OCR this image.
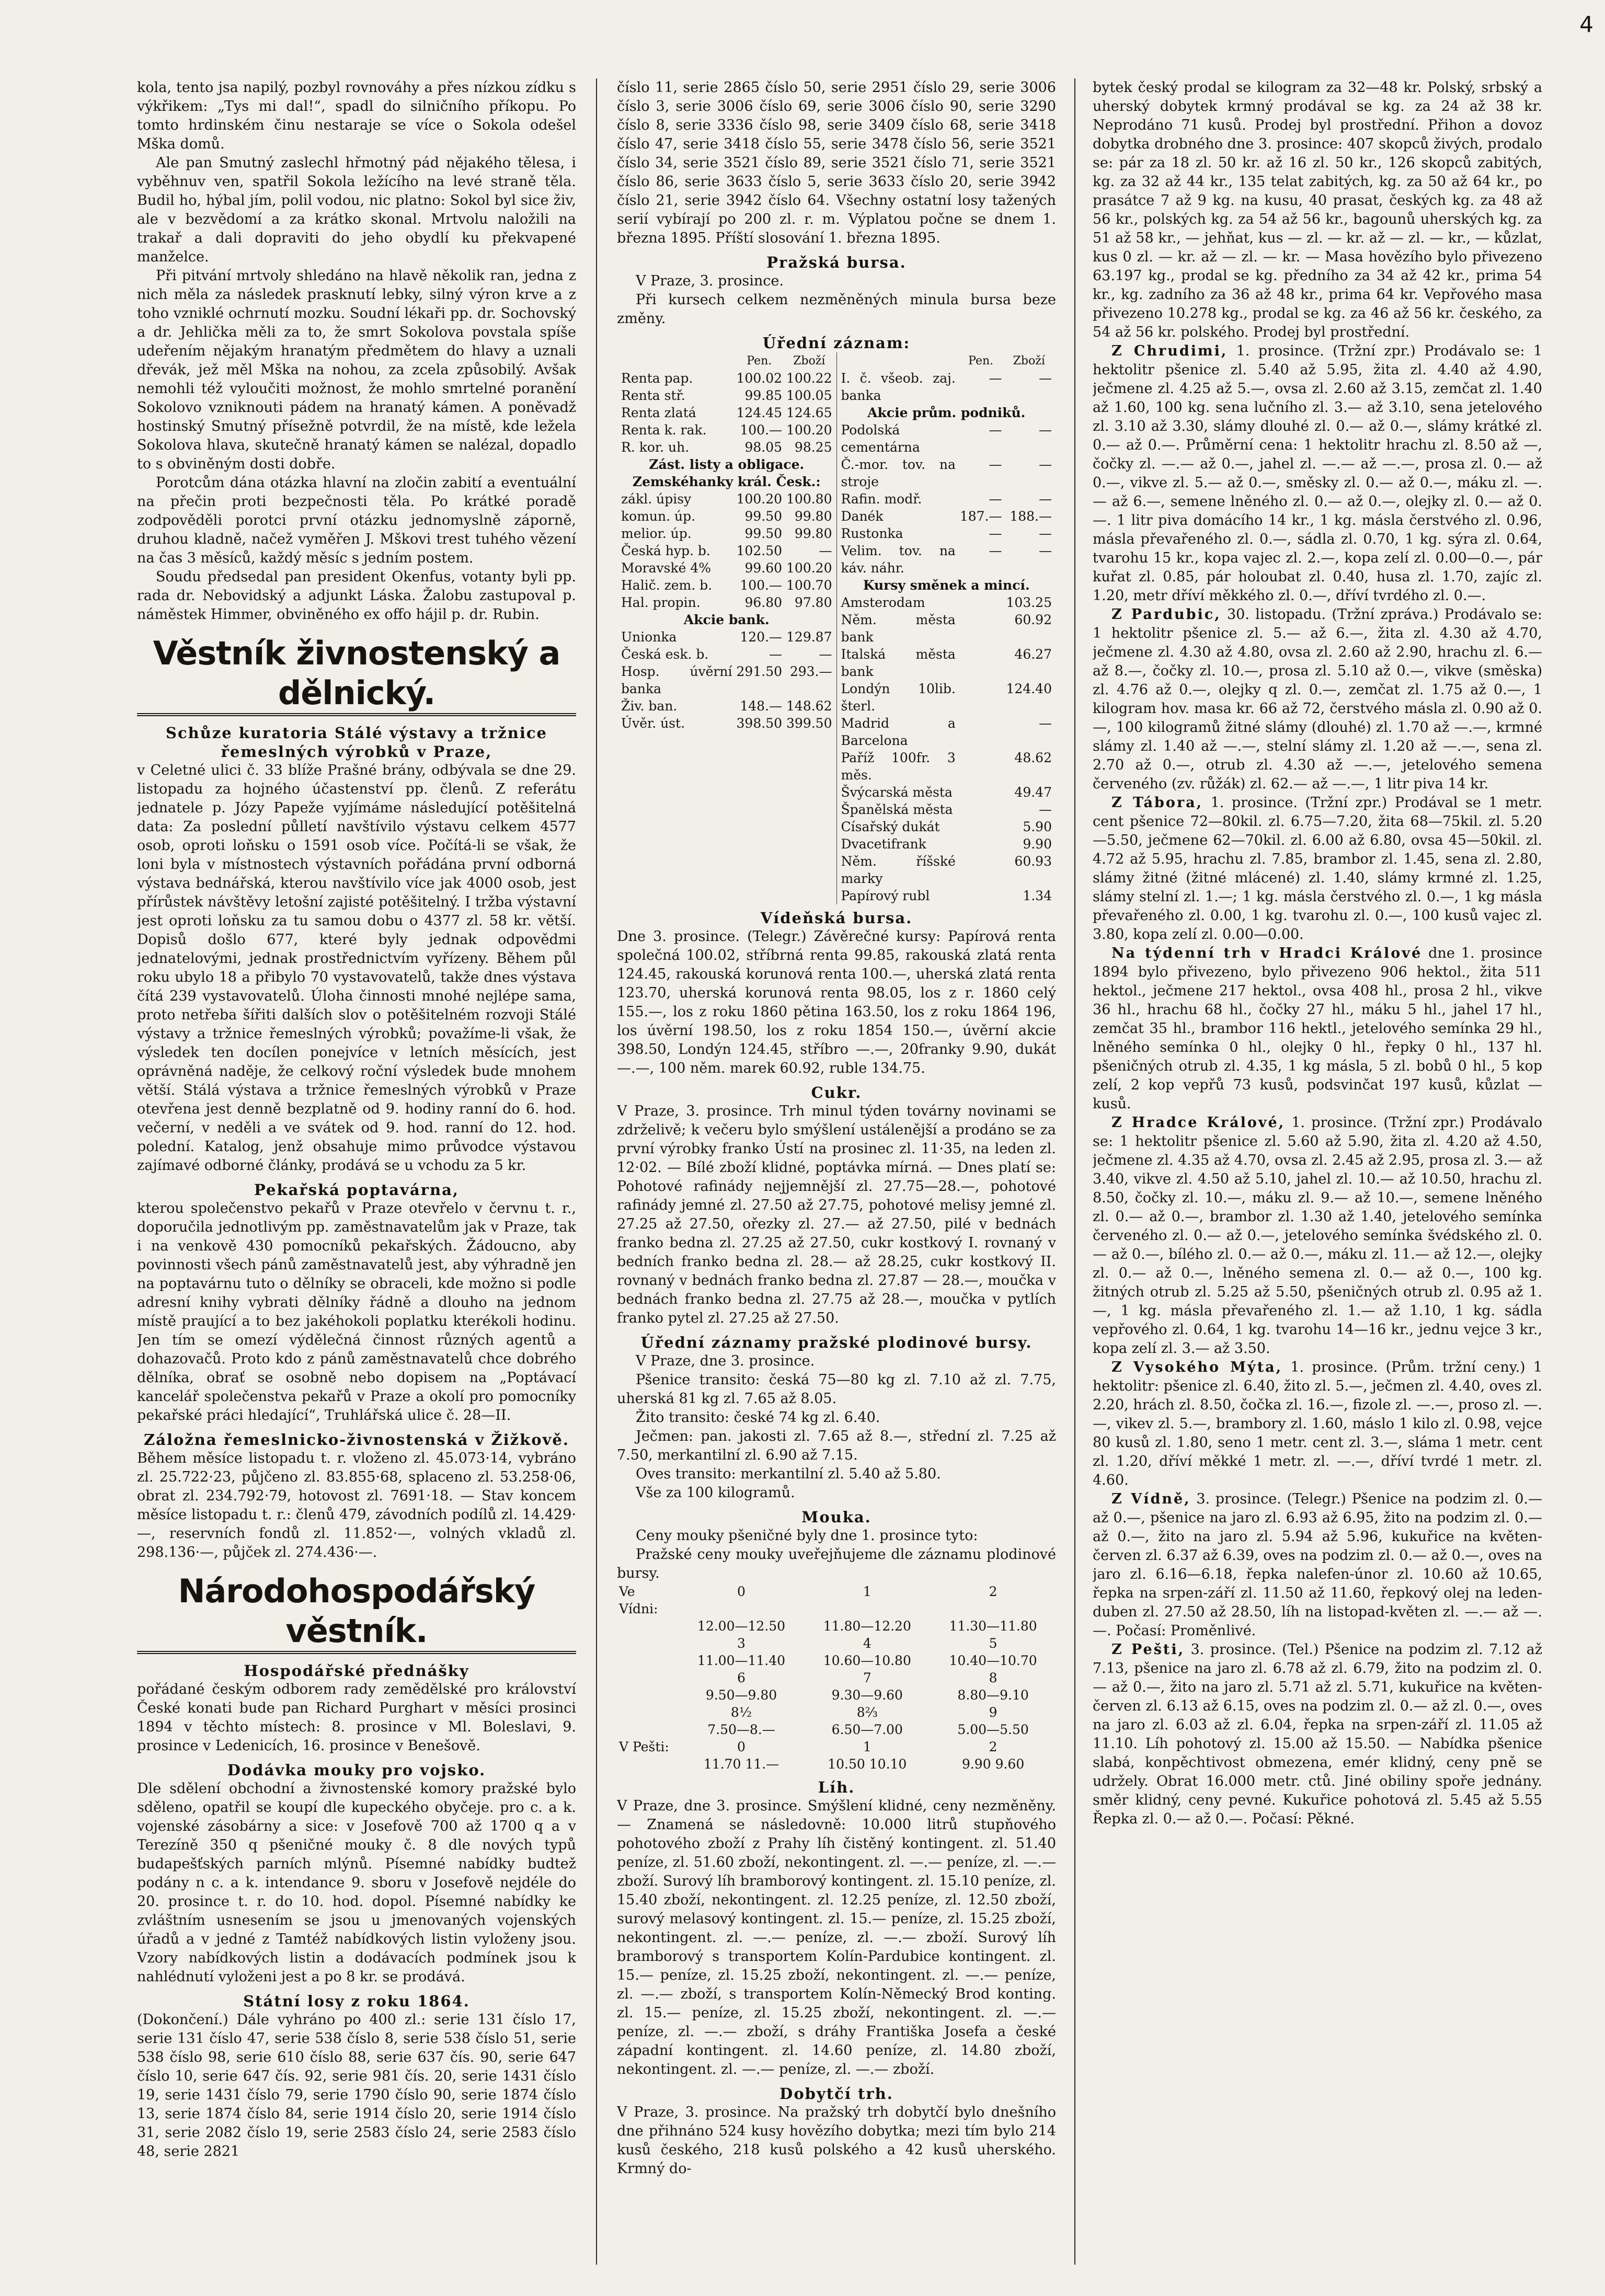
4

kola, tento jsa napilý, pozbyl rovnováhy a přes nízkou zídku s výkřikem: „Tys mi dal!“, spadl do silničního příkopu. Po tomto hrdinském činu nestaraje se více o Sokola odešel Mška domů.

Ale pan Smutný zaslechl hřmotný pád nějakého tělesa, i vyběhnuv ven, spatřil Sokola ležícího na levé straně těla. Budil ho, hýbal jím, polil vodou, nic platno: Sokol byl sice živ, ale v bezvědomí a za krátko skonal. Mrtvolu naložili na trakař a dali dopraviti do jeho obydlí ku překvapené manželce.

Při pitvání mrtvoly shledáno na hlavě několik ran, jedna z nich měla za následek prasknutí lebky, silný výron krve a z toho vzniklé ochrnutí mozku. Soudní lékaři pp. dr. Sochovský a dr. Jehlička měli za to, že smrt Sokolova povstala spíše udeřením nějakým hranatým předmětem do hlavy a uznali dřevák, jež měl Mška na nohou, za zcela způsobilý. Avšak nemohli též vyloučiti možnost, že mohlo smrtelné poranění Sokolovo vzniknouti pádem na hranatý kámen. A poněvadž hostinský Smutný přísežně potvrdil, že na místě, kde ležela Sokolova hlava, skutečně hranatý kámen se nalézal, dopadlo to s obviněným dosti dobře.

Porotcům dána otázka hlavní na zločin zabití a eventuální na přečin proti bezpečnosti těla. Po krátké poradě zodpověděli porotci první otázku jednomyslně záporně, druhou kladně, načež vyměřen J. Mškovi trest tuhého vězení na čas 3 měsíců, každý měsíc s jedním postem.

Soudu předsedal pan president Okenfus, votanty byli pp. rada dr. Nebovidský a adjunkt Láska. Žalobu zastupoval p. náměstek Himmer, obviněného ex offo hájil p. dr. Rubin.

Věstník živnostenský a dělnický.
Schůze kuratoria Stálé výstavy a tržnice řemeslných výrobků v Praze,

v Celetné ulici č. 33 blíže Prašné brány, odbývala se dne 29. listopadu za hojného účastenství pp. členů. Z referátu jednatele p. Józy Papeže vyjímáme následující potěšitelná data: Za poslední půlletí navštívilo výstavu celkem 4577 osob, oproti loňsku o 1591 osob více. Počítá-li se však, že loni byla v místnostech výstavních pořádána první odborná výstava bednářská, kterou navštívilo více jak 4000 osob, jest přírůstek návštěvy letošní zajisté potěšitelný. I tržba výstavní jest oproti loňsku za tu samou dobu o 4377 zl. 58 kr. větší. Dopisů došlo 677, které byly jednak odpovědmi jednatelovými, jednak prostřednictvím vyřízeny. Během půl roku ubylo 18 a přibylo 70 vystavovatelů, takže dnes výstava čítá 239 vystavovatelů. Úloha činnosti mnohé nejlépe sama, proto netřeba šířiti dalších slov o potěšitelném rozvoji Stálé výstavy a tržnice řemeslných výrobků; považíme-li však, že výsledek ten docílen ponejvíce v letních měsících, jest oprávněná naděje, že celkový roční výsledek bude mnohem větší. Stálá výstava a tržnice řemeslných výrobků v Praze otevřena jest denně bezplatně od 9. hodiny ranní do 6. hod. večerní, v neděli a ve svátek od 9. hod. ranní do 12. hod. polední. Katalog, jenž obsahuje mimo průvodce výstavou zajímavé odborné články, prodává se u vchodu za 5 kr.

Pekařská poptavárna,

kterou společenstvo pekařů v Praze otevřelo v červnu t. r., doporučila jednotlivým pp. zaměstnavatelům jak v Praze, tak i na venkově 430 pomocníků pekařských. Žádoucno, aby povinnosti všech pánů zaměstnavatelů jest, aby výhradně jen na poptavárnu tuto o dělníky se obraceli, kde možno si podle adresní knihy vybrati dělníky řádně a dlouho na jednom místě praující a to bez jakéhokoli poplatku kterékoli hodinu. Jen tím se omezí výdělečná činnost různých agentů a dohazovačů. Proto kdo z pánů zaměstnavatelů chce dobrého dělníka, obrať se osobně nebo dopisem na „Poptávací kancelář společenstva pekařů v Praze a okolí pro pomocníky pekařské práci hledající“, Truhlářská ulice č. 28—II.

Záložna řemeslnicko-živnostenská v Žižkově.

Během měsíce listopadu t. r. vloženo zl. 45.073·14, vybráno zl. 25.722·23, půjčeno zl. 83.855·68, splaceno zl. 53.258·06, obrat zl. 234.792·79, hotovost zl. 7691·18. — Stav koncem měsíce listopadu t. r.: členů 479, závodních podílů zl. 14.429·—, reservních fondů zl. 11.852·—, volných vkladů zl. 298.136·—, půjček zl. 274.436·—.

Národohospodářský věstník.
Hospodářské přednášky

pořádané českým odborem rady zemědělské pro království České konati bude pan Richard Purghart v měsíci prosinci 1894 v těchto místech: 8. prosince v Ml. Boleslavi, 9. prosince v Ledenicích, 16. prosince v Benešově.

Dodávka mouky pro vojsko.

Dle sdělení obchodní a živnostenské komory pražské bylo sděleno, opatřil se koupí dle kupeckého obyčeje. pro c. a k. vojenské zásobárny a sice: v Josefově 700 až 1700 q a v Terezíně 350 q pšeničné mouky č. 8 dle nových typů budapešťských parních mlýnů. Písemné nabídky budtež podány n c. a k. intendance 9. sboru v Josefově nejdéle do 20. prosince t. r. do 10. hod. dopol. Písemné nabídky ke zvláštním usnesením se jsou u jmenovaných vojenských úřadů a v jedné z Tamtéž nabídkových listin vyloženy jsou. Vzory nabídkových listin a dodávacích podmínek jsou k nahlédnutí vyloženi jest a po 8 kr. se prodává.

Státní losy z roku 1864.

(Dokončení.) Dále vyhráno po 400 zl.: serie 131 číslo 17, serie 131 číslo 47, serie 538 číslo 8, serie 538 číslo 51, serie 538 číslo 98, serie 610 číslo 88, serie 637 čís. 90, serie 647 číslo 10, serie 647 čís. 92, serie 981 čís. 20, serie 1431 číslo 19, serie 1431 číslo 79, serie 1790 číslo 90, serie 1874 číslo 13, serie 1874 číslo 84, serie 1914 číslo 20, serie 1914 číslo 31, serie 2082 číslo 19, serie 2583 číslo 24, serie 2583 číslo 48, serie 2821

číslo 11, serie 2865 číslo 50, serie 2951 číslo 29, serie 3006 číslo 3, serie 3006 číslo 69, serie 3006 číslo 90, serie 3290 číslo 8, serie 3336 číslo 98, serie 3409 číslo 68, serie 3418 číslo 47, serie 3418 číslo 55, serie 3478 číslo 56, serie 3521 číslo 34, serie 3521 číslo 89, serie 3521 číslo 71, serie 3521 číslo 86, serie 3633 číslo 5, serie 3633 číslo 20, serie 3942 číslo 21, serie 3942 číslo 64. Všechny ostatní losy tažených serií vybírají po 200 zl. r. m. Výplatou počne se dnem 1. března 1895. Příští slosování 1. března 1895.

Pražská bursa.

V Praze, 3. prosince.

Při kursech celkem nezměněných minula bursa beze změny.

Úřední záznam:
	Pen.	Zboží
Renta pap.	100.02	100.22
Renta stř.	99.85	100.05
Renta zlatá	124.45	124.65
Renta k. rak.	100.—	100.20
R. kor. uh.	98.05	98.25
Zást. listy a obligace.
Zemskéhanky král. Česk.:
zákl. úpisy	100.20	100.80
komun. úp.	99.50	99.80
melior. úp.	99.50	99.80
Česká hyp. b.	102.50	—
Moravské 4%	99.60	100.20
Halič. zem. b.	100.—	100.70
Hal. propin.	96.80	97.80
Akcie bank.
Unionka	120.—	129.87
Česká esk. b.	—	—
Hosp. úvěrní banka	291.50	293.—
Živ. ban.	148.—	148.62
Úvěr. úst.	398.50	399.50

	Pen.	Zboží
I. č. všeob. zaj. banka	—	—
Akcie prům. podniků.
Podolská cementárna	—	—
Č.-mor. tov. na stroje	—	—
Rafin. modř.	—	—
Danék	187.—	188.—
Rustonka	—	—
Velim. tov. na káv. náhr.	—	—
Kursy směnek a mincí.
Amsterodam		103.25
Něm. města bank		60.92
Italská města bank		46.27
Londýn 10lib. šterl.		124.40
Madrid a Barcelona		—
Paříž 100fr. 3 měs.		48.62
Švýcarská města		49.47
Španělská města		—
Císařský dukát		5.90
Dvacetifrank		9.90
Něm. říšské marky		60.93
Papírový rubl		1.34
Vídeňská bursa.

Dne 3. prosince. (Telegr.) Závěrečné kursy: Papírová renta společná 100.02, stříbrná renta 99.85, rakouská zlatá renta 124.45, rakouská korunová renta 100.—, uherská zlatá renta 123.70, uherská korunová renta 98.05, los z r. 1860 celý 155.—, los z roku 1860 pětina 163.50, los z roku 1864 196, los úvěrní 198.50, los z roku 1854 150.—, úvěrní akcie 398.50, Londýn 124.45, stříbro —.—, 20franky 9.90, dukát —.—, 100 něm. marek 60.92, ruble 134.75.

Cukr.

V Praze, 3. prosince. Trh minul týden továrny novinami se zdrželivě; k večeru bylo smýšlení ustálenější a prodáno se za první výrobky franko Ústí na prosinec zl. 11·35, na leden zl. 12·02. — Bílé zboží klidné, poptávka mírná. — Dnes platí se: Pohotové rafinády nejjemnější zl. 27.75—28.—, pohotové rafinády jemné zl. 27.50 až 27.75, pohotové melisy jemné zl. 27.25 až 27.50, ořezky zl. 27.— až 27.50, pilé v bednách franko bedna zl. 27.25 až 27.50, cukr kostkový I. rovnaný v bedních franko bedna zl. 28.— až 28.25, cukr kostkový II. rovnaný v bednách franko bedna zl. 27.87 — 28.—, moučka v bednách franko bedna zl. 27.75 až 28.—, moučka v pytlích franko pytel zl. 27.25 až 27.50.

Úřední záznamy pražské plodinové bursy.

V Praze, dne 3. prosince.

Pšenice transito: česká 75—80 kg zl. 7.10 až zl. 7.75, uherská 81 kg zl. 7.65 až 8.05.

Žito transito: české 74 kg zl. 6.40.

Ječmen: pan. jakosti zl. 7.65 až 8.—, střední zl. 7.25 až 7.50, merkantilní zl. 6.90 až 7.15.

Oves transito: merkantilní zl. 5.40 až 5.80.

Vše za 100 kilogramů.

Mouka.

Ceny mouky pšeničné byly dne 1. prosince tyto:

Pražské ceny mouky uveřejňujeme dle záznamu plodinové bursy.

Ve Vídni:	0	1	2
	12.00—12.50	11.80—12.20	11.30—11.80
	3	4	5
	11.00—11.40	10.60—10.80	10.40—10.70
	6	7	8
	9.50—9.80	9.30—9.60	8.80—9.10
	8½	8⅔	9
	7.50—8.—	6.50—7.00	5.00—5.50
V Pešti:	0	1	2
	11.70 11.—	10.50 10.10	9.90 9.60
Líh.

V Praze, dne 3. prosince. Smýšlení klidné, ceny nezměněny. — Znamená se následovně: 10.000 litrů stupňového pohotového zboží z Prahy líh čistěný kontingent. zl. 51.40 peníze, zl. 51.60 zboží, nekontingent. zl. —.— peníze, zl. —.— zboží. Surový líh bramborový kontingent. zl. 15.10 peníze, zl. 15.40 zboží, nekontingent. zl. 12.25 peníze, zl. 12.50 zboží, surový melasový kontingent. zl. 15.— peníze, zl. 15.25 zboží, nekontingent. zl. —.— peníze, zl. —.— zboží. Surový líh bramborový s transportem Kolín-Pardubice kontingent. zl. 15.— peníze, zl. 15.25 zboží, nekontingent. zl. —.— peníze, zl. —.— zboží, s transportem Kolín-Německý Brod konting. zl. 15.— peníze, zl. 15.25 zboží, nekontingent. zl. —.— peníze, zl. —.— zboží, s dráhy Františka Josefa a české západní kontingent. zl. 14.60 peníze, zl. 14.80 zboží, nekontingent. zl. —.— peníze, zl. —.— zboží.

Dobytčí trh.

V Praze, 3. prosince. Na pražský trh dobytčí bylo dnešního dne přihnáno 524 kusy hovězího dobytka; mezi tím bylo 214 kusů českého, 218 kusů polského a 42 kusů uherského. Krmný do-

bytek český prodal se kilogram za 32—48 kr. Polský, srbský a uherský dobytek krmný prodával se kg. za 24 až 38 kr. Neprodáno 71 kusů. Prodej byl prostřední. Přihon a dovoz dobytka drobného dne 3. prosince: 407 skopců živých, prodalo se: pár za 18 zl. 50 kr. až 16 zl. 50 kr., 126 skopců zabitých, kg. za 32 až 44 kr., 135 telat zabitých, kg. za 50 až 64 kr., po prasátce 7 až 9 kg. na kusu, 40 prasat, českých kg. za 48 až 56 kr., polských kg. za 54 až 56 kr., bagounů uherských kg. za 51 až 58 kr., — jehňat, kus — zl. — kr. až — zl. — kr., — kůzlat, kus 0 zl. — kr. až — zl. — kr. — Masa hovězího bylo přivezeno 63.197 kg., prodal se kg. předního za 34 až 42 kr., prima 54 kr., kg. zadního za 36 až 48 kr., prima 64 kr. Vepřového masa přivezeno 10.278 kg., prodal se kg. za 46 až 56 kr. českého, za 54 až 56 kr. polského. Prodej byl prostřední.

Z Chrudimi, 1. prosince. (Tržní zpr.) Prodávalo se: 1 hektolitr pšenice zl. 5.40 až 5.95, žita zl. 4.40 až 4.90, ječmene zl. 4.25 až 5.—, ovsa zl. 2.60 až 3.15, zemčat zl. 1.40 až 1.60, 100 kg. sena lučního zl. 3.— až 3.10, sena jetelového zl. 3.10 až 3.30, slámy dlouhé zl. 0.— až 0.—, slámy krátké zl. 0.— až 0.—. Průměrní cena: 1 hektolitr hrachu zl. 8.50 až —, čočky zl. —.— až 0.—, jahel zl. —.— až —.—, prosa zl. 0.— až 0.—, vikve zl. 5.— až 0.—, směsky zl. 0.— až 0.—, máku zl. —.— až 6.—, semene lněného zl. 0.— až 0.—, olejky zl. 0.— až 0.—. 1 litr piva domácího 14 kr., 1 kg. másla čerstvého zl. 0.96, másla převařeného zl. 0.—, sádla zl. 0.70, 1 kg. sýra zl. 0.64, tvarohu 15 kr., kopa vajec zl. 2.—, kopa zelí zl. 0.00—0.—, pár kuřat zl. 0.85, pár holoubat zl. 0.40, husa zl. 1.70, zajíc zl. 1.20, metr dříví měkkého zl. 0.—, dříví tvrdého zl. 0.—.

Z Pardubic, 30. listopadu. (Tržní zpráva.) Prodávalo se: 1 hektolitr pšenice zl. 5.— až 6.—, žita zl. 4.30 až 4.70, ječmene zl. 4.30 až 4.80, ovsa zl. 2.60 až 2.90, hrachu zl. 6.— až 8.—, čočky zl. 10.—, prosa zl. 5.10 až 0.—, vikve (směska) zl. 4.76 až 0.—, olejky q zl. 0.—, zemčat zl. 1.75 až 0.—, 1 kilogram hov. masa kr. 66 až 72, čerstvého másla zl. 0.90 až 0.—, 100 kilogramů žitné slámy (dlouhé) zl. 1.70 až —.—, krmné slámy zl. 1.40 až —.—, stelní slámy zl. 1.20 až —.—, sena zl. 2.70 až 0.—, otrub zl. 4.30 až —.—, jetelového semena červeného (zv. růžák) zl. 62.— až —.—, 1 litr piva 14 kr.

Z Tábora, 1. prosince. (Tržní zpr.) Prodával se 1 metr. cent pšenice 72—80kil. zl. 6.75—7.20, žita 68—75kil. zl. 5.20—5.50, ječmene 62—70kil. zl. 6.00 až 6.80, ovsa 45—50kil. zl. 4.72 až 5.95, hrachu zl. 7.85, brambor zl. 1.45, sena zl. 2.80, slámy žitné (žitné mlácené) zl. 1.40, slámy krmné zl. 1.25, slámy stelní zl. 1.—; 1 kg. másla čerstvého zl. 0.—, 1 kg másla převařeného zl. 0.00, 1 kg. tvarohu zl. 0.—, 100 kusů vajec zl. 3.80, kopa zelí zl. 0.00—0.00.

Na týdenní trh v Hradci Králové dne 1. prosince 1894 bylo přivezeno, bylo přivezeno 906 hektol., žita 511 hektol., ječmene 217 hektol., ovsa 408 hl., prosa 2 hl., vikve 36 hl., hrachu 68 hl., čočky 27 hl., máku 5 hl., jahel 17 hl., zemčat 35 hl., brambor 116 hektl., jetelového semínka 29 hl., lněného semínka 0 hl., olejky 0 hl., řepky 0 hl., 137 hl. pšeničných otrub zl. 4.35, 1 kg másla, 5 zl. bobů 0 hl., 5 kop zelí, 2 kop vepřů 73 kusů, podsvinčat 197 kusů, kůzlat — kusů.

Z Hradce Králové, 1. prosince. (Tržní zpr.) Prodávalo se: 1 hektolitr pšenice zl. 5.60 až 5.90, žita zl. 4.20 až 4.50, ječmene zl. 4.35 až 4.70, ovsa zl. 2.45 až 2.95, prosa zl. 3.— až 3.40, vikve zl. 4.50 až 5.10, jahel zl. 10.— až 10.50, hrachu zl. 8.50, čočky zl. 10.—, máku zl. 9.— až 10.—, semene lněného zl. 0.— až 0.—, brambor zl. 1.30 až 1.40, jetelového semínka červeného zl. 0.— až 0.—, jetelového semínka švédského zl. 0.— až 0.—, bílého zl. 0.— až 0.—, máku zl. 11.— až 12.—, olejky zl. 0.— až 0.—, lněného semena zl. 0.— až 0.—, 100 kg. žitných otrub zl. 5.25 až 5.50, pšeničných otrub zl. 0.95 až 1.—, 1 kg. másla převařeného zl. 1.— až 1.10, 1 kg. sádla vepřového zl. 0.64, 1 kg. tvarohu 14—16 kr., jednu vejce 3 kr., kopa zelí zl. 3.— až 3.50.

Z Vysokého Mýta, 1. prosince. (Prům. tržní ceny.) 1 hektolitr: pšenice zl. 6.40, žito zl. 5.—, ječmen zl. 4.40, oves zl. 2.20, hrách zl. 8.50, čočka zl. 16.—, fizole zl. —.—, proso zl. —.—, vikev zl. 5.—, brambory zl. 1.60, máslo 1 kilo zl. 0.98, vejce 80 kusů zl. 1.80, seno 1 metr. cent zl. 3.—, sláma 1 metr. cent zl. 1.20, dříví měkké 1 metr. zl. —.—, dříví tvrdé 1 metr. zl. 4.60.

Z Vídně, 3. prosince. (Telegr.) Pšenice na podzim zl. 0.— až 0.—, pšenice na jaro zl. 6.93 až 6.95, žito na podzim zl. 0.— až 0.—, žito na jaro zl. 5.94 až 5.96, kukuřice na květen-červen zl. 6.37 až 6.39, oves na podzim zl. 0.— až 0.—, oves na jaro zl. 6.16—6.18, řepka nalefen-únor zl. 10.60 až 10.65, řepka na srpen-září zl. 11.50 až 11.60, řepkový olej na leden-duben zl. 27.50 až 28.50, líh na listopad-květen zl. —.— až —.—. Počasí: Proměnlivé.

Z Pešti, 3. prosince. (Tel.) Pšenice na podzim zl. 7.12 až 7.13, pšenice na jaro zl. 6.78 až zl. 6.79, žito na podzim zl. 0.— až 0.—, žito na jaro zl. 5.71 až zl. 5.71, kukuřice na květen-červen zl. 6.13 až 6.15, oves na podzim zl. 0.— až zl. 0.—, oves na jaro zl. 6.03 až zl. 6.04, řepka na srpen-září zl. 11.05 až 11.10. Líh pohotový zl. 15.00 až 15.50. — Nabídka pšenice slabá, konpěchtivost obmezena, emér klidný, ceny pně se udržely. Obrat 16.000 metr. ctů. Jiné obiliny spoře jednány. směr klidný, ceny pevné. Kukuřice pohotová zl. 5.45 až 5.55 Řepka zl. 0.— až 0.—. Počasí: Pěkné.
